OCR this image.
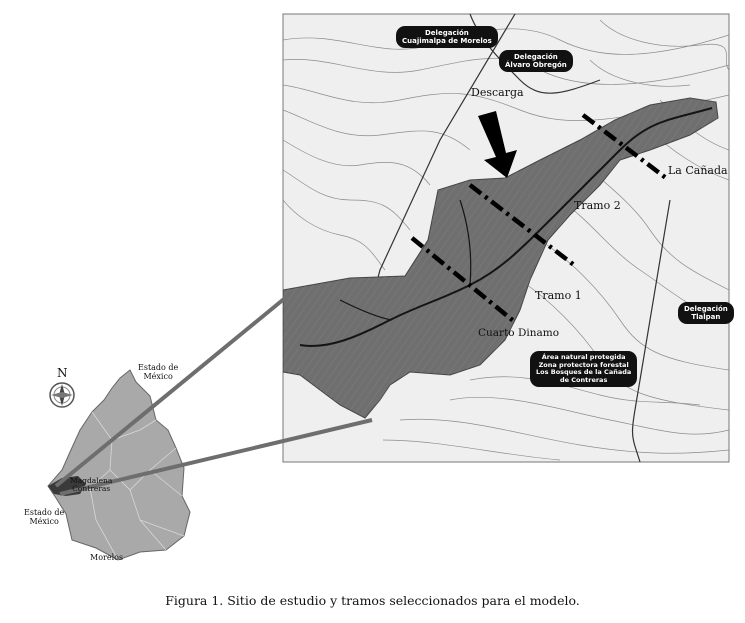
N	Estado de
México
Estado de
México
Magdalena
Contreras
Morelos
Delegación
Cuajimalpa de Morelos
Delegación
Álvaro Obregón
Delegación
Tlalpan
Área natural protegida
Zona protectora forestal
Los Bosques de la Cañada
de Contreras
Descarga
La Cañada
Tramo 2
Tramo 1
Cuarto Dinamo
Figura 1. Sitio de estudio y tramos seleccionados para el modelo.
